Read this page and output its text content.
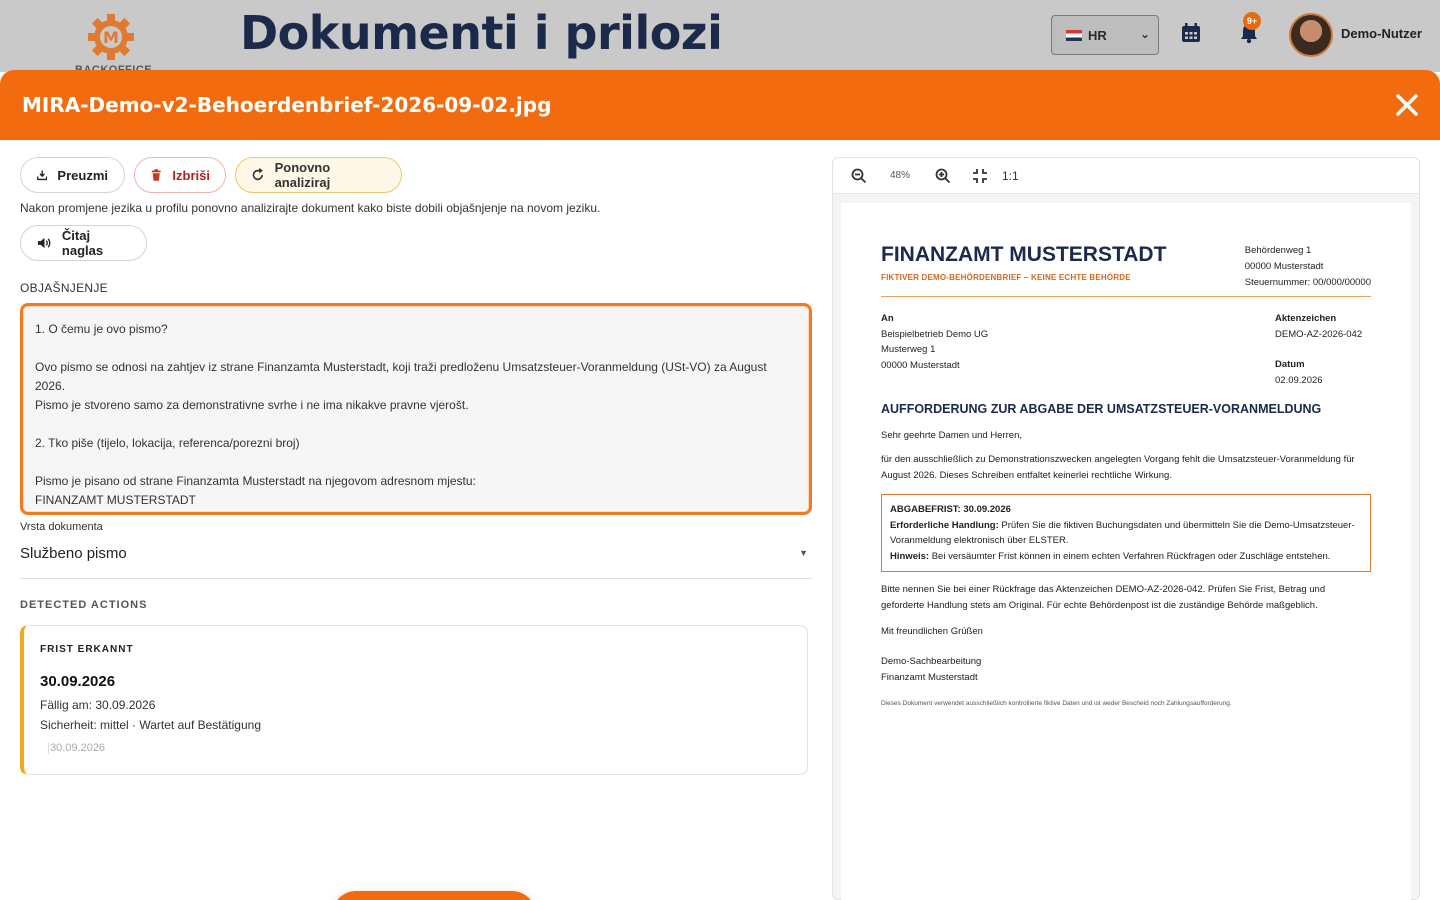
M	Dokumenti i prilozi	HR	⌄
9+
Demo-Nutzer
MIRA-Demo-v2-Behoerdenbrief-2026-09-02.jpg
Preuzmi	Izbriši	Ponovno analiziraj
Nakon promjene jezika u profilu ponovno analizirajte dokument kako biste dobili objašnjenje na novom jeziku.
Čitaj naglas
OBJAŠNJENJE

1. O čemu je ovo pismo?

Ovo pismo se odnosi na zahtjev iz strane Finanzamta Musterstadt, koji traži predloženu Umsatzsteuer-Voranmeldung (USt-VO) za August 2026.

Pismo je stvoreno samo za demonstrativne svrhe i ne ima nikakve pravne vjerošt.

2. Tko piše (tijelo, lokacija, referenca/porezni broj)

Pismo je pisano od strane Finanzamta Musterstadt na njegovom adresnom mjestu:

FINANZAMT MUSTERSTADT

Vrsta dokumenta
Službeno pismo	▼
DETECTED ACTIONS
FRIST ERKANNT
30.09.2026
Fällig am: 30.09.2026
Sicherheit: mittel · Wartet auf Bestätigung
30.09.2026
48%	1:1
FINANZAMT MUSTERSTADT
FIKTIVER DEMO-BEHÖRDENBRIEF – KEINE ECHTE BEHÖRDE
Behördenweg 1
00000 Musterstadt
Steuernummer: 00/000/00000
An
Beispielbetrieb Demo UG
Musterweg 1
00000 Musterstadt
Aktenzeichen
DEMO-AZ-2026-042
Datum
02.09.2026
AUFFORDERUNG ZUR ABGABE DER UMSATZSTEUER-VORANMELDUNG
Sehr geehrte Damen und Herren,
für den ausschließlich zu Demonstrationszwecken angelegten Vorgang fehlt die Umsatzsteuer-Voranmeldung für August 2026. Dieses Schreiben entfaltet keinerlei rechtliche Wirkung.
ABGABEFRIST: 30.09.2026
Erforderliche Handlung: Prüfen Sie die fiktiven Buchungsdaten und übermitteln Sie die Demo-Umsatzsteuer-Voranmeldung elektronisch über ELSTER.
Hinweis: Bei versäumter Frist können in einem echten Verfahren Rückfragen oder Zuschläge entstehen.
Bitte nennen Sie bei einer Rückfrage das Aktenzeichen DEMO-AZ-2026-042. Prüfen Sie Frist, Betrag und geforderte Handlung stets am Original. Für echte Behördenpost ist die zuständige Behörde maßgeblich.
Mit freundlichen Grüßen
Demo-Sachbearbeitung
Finanzamt Musterstadt
Dieses Dokument verwendet ausschließlich kontrollierte fiktive Daten und ist weder Bescheid noch Zahlungsaufforderung.
